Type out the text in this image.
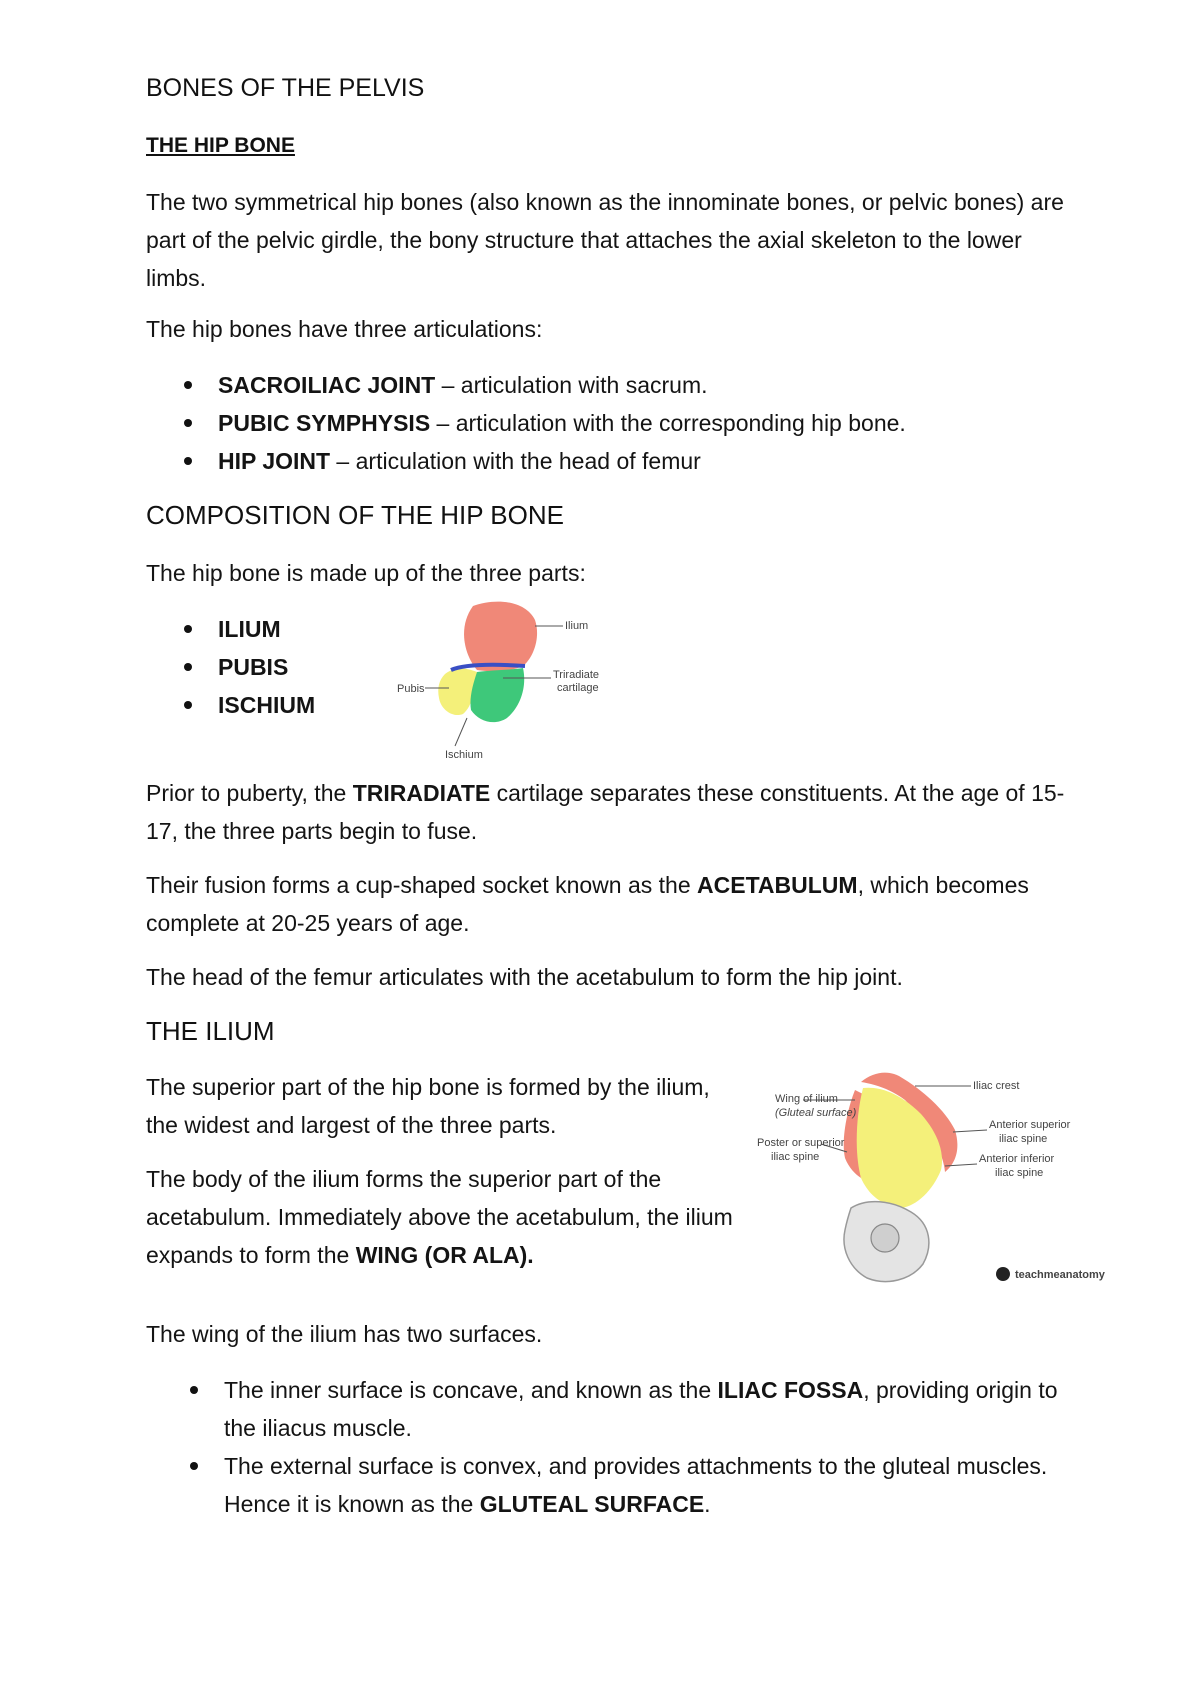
BONES OF THE PELVIS
THE HIP BONE

The two symmetrical hip bones (also known as the innominate bones, or pelvic bones) are part of the pelvic girdle, the bony structure that attaches the axial skeleton to the lower limbs.

The hip bones have three articulations:

SACROILIAC JOINT – articulation with sacrum.
PUBIC SYMPHYSIS – articulation with the corresponding hip bone.
HIP JOINT – articulation with the head of femur
COMPOSITION OF THE HIP BONE

The hip bone is made up of the three parts:

ILIUM
PUBIS
ISCHIUM
Ilium
Triradiate
cartilage
Pubis
Ischium

Prior to puberty, the TRIRADIATE cartilage separates these constituents. At the age of 15-17, the three parts begin to fuse.

Their fusion forms a cup-shaped socket known as the ACETABULUM, which becomes complete at 20-25 years of age.

The head of the femur articulates with the acetabulum to form the hip joint.

THE ILIUM

The superior part of the hip bone is formed by the ilium, the widest and largest of the three parts.

The body of the ilium forms the superior part of the acetabulum. Immediately above the acetabulum, the ilium expands to form the WING (OR ALA).

Wing of ilium
(Gluteal surface)
Poster or superior
iliac spine
Iliac crest
Anterior superior
iliac spine
Anterior inferior
iliac spine
teachmeanatomy

The wing of the ilium has two surfaces.

The inner surface is concave, and known as the ILIAC FOSSA, providing origin to the iliacus muscle.
The external surface is convex, and provides attachments to the gluteal muscles. Hence it is known as the GLUTEAL SURFACE.
